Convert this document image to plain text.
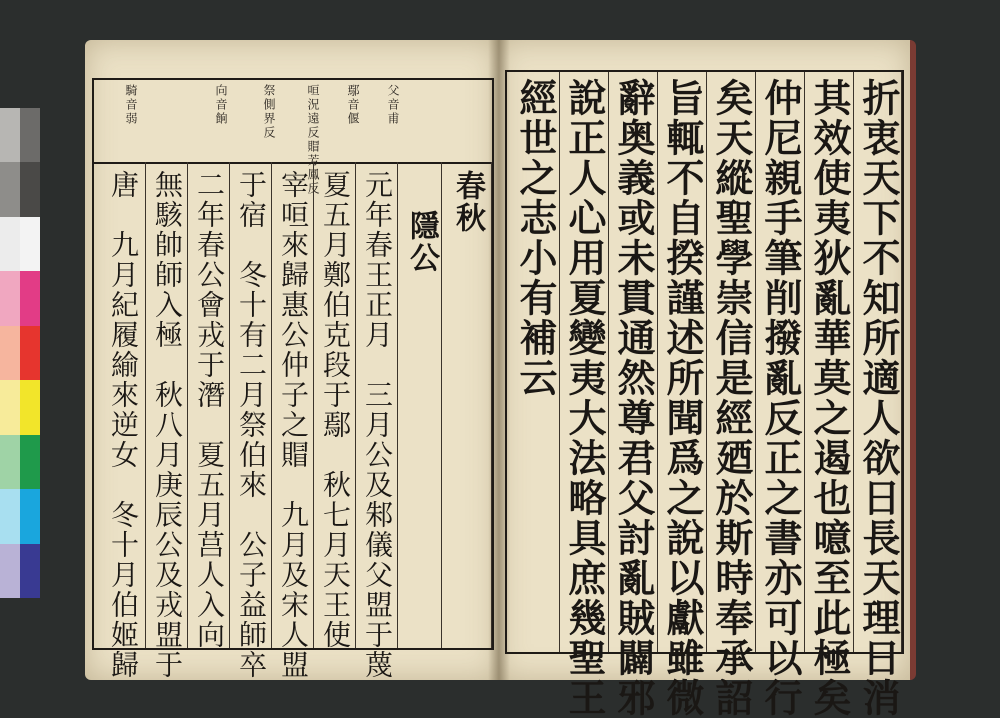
折衷天下不知所適人欲日長天理日消
其效使夷狄亂華莫之遏也噫至此極矣
仲尼親手筆削撥亂反正之書亦可以行
矣天縱聖學崇信是經廼於斯時奉承詔
旨輒不自揆謹述所聞爲之說以獻雖微
辭奥義或未貫通然尊君父討亂賊闢邪
說正人心用夏變夷大法略具庶幾聖王
經世之志小有補云
父音甫
鄢音偃
咺況遠反賵芳鳳反
祭側界反
向音餉
騎音弱
春秋
隱公
元年春王正月　三月公及邾儀父盟于蔑
夏五月鄭伯克段于鄢　秋七月天王使
宰咺來歸惠公仲子之賵　九月及宋人盟
于宿　冬十有二月祭伯來　公子益師卒
二年春公會戎于潛　夏五月莒人入向
無駭帥師入極　秋八月庚辰公及戎盟于
唐　九月紀履緰來逆女　冬十月伯姬歸
